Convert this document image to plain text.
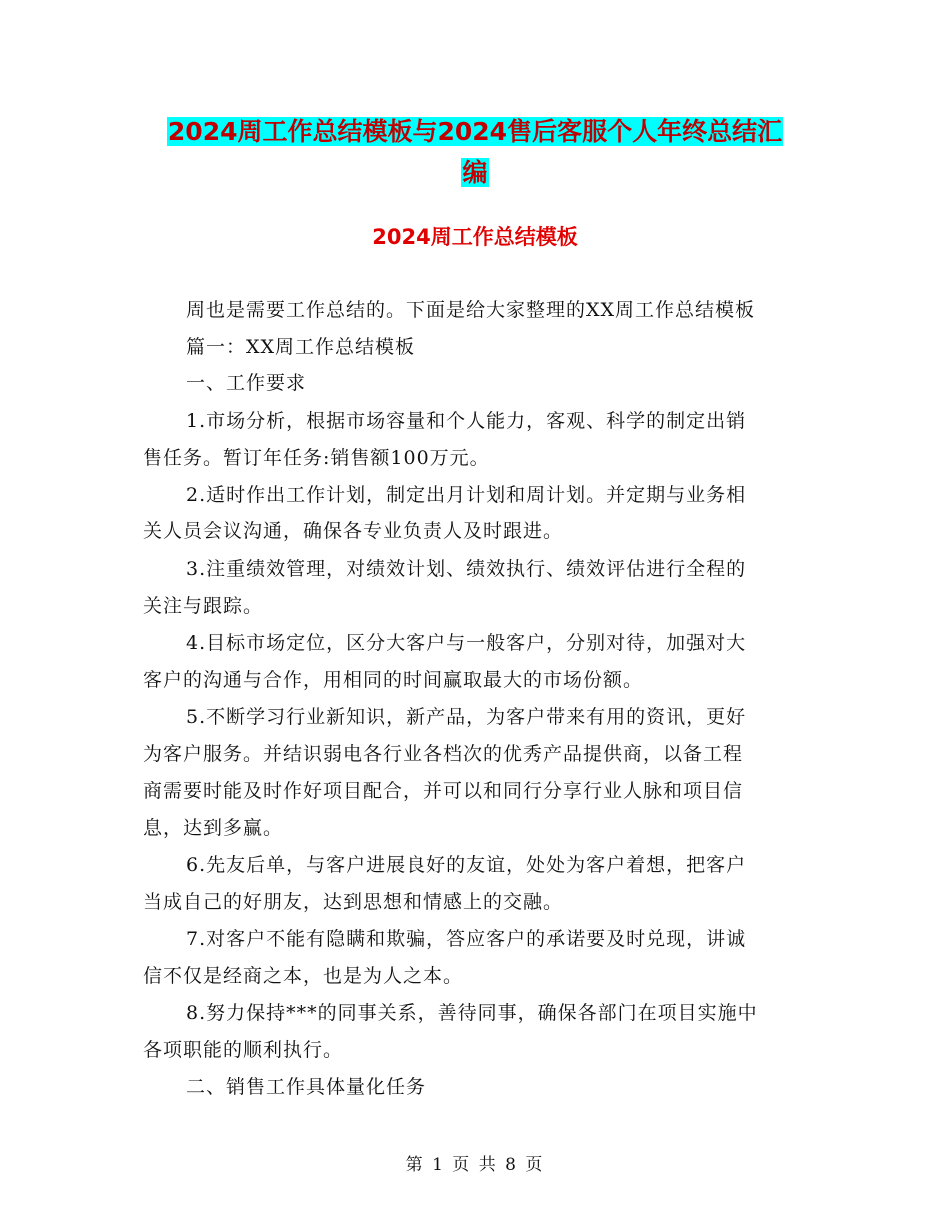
2024周工作总结模板与2024售后客服个人年终总结汇
编
2024周工作总结模板
周也是需要工作总结的。下面是给大家整理的XX周工作总结模板
篇一：XX周工作总结模板
一、工作要求
1.市场分析，根据市场容量和个人能力，客观、科学的制定出销
售任务。暂订年任务:销售额100万元。
2.适时作出工作计划，制定出月计划和周计划。并定期与业务相
关人员会议沟通，确保各专业负责人及时跟进。
3.注重绩效管理，对绩效计划、绩效执行、绩效评估进行全程的
关注与跟踪。
4.目标市场定位，区分大客户与一般客户，分别对待，加强对大
客户的沟通与合作，用相同的时间赢取最大的市场份额。
5.不断学习行业新知识，新产品，为客户带来有用的资讯，更好
为客户服务。并结识弱电各行业各档次的优秀产品提供商，以备工程
商需要时能及时作好项目配合，并可以和同行分享行业人脉和项目信
息，达到多赢。
6.先友后单，与客户进展良好的友谊，处处为客户着想，把客户
当成自己的好朋友，达到思想和情感上的交融。
7.对客户不能有隐瞒和欺骗，答应客户的承诺要及时兑现，讲诚
信不仅是经商之本，也是为人之本。
8.努力保持***的同事关系，善待同事，确保各部门在项目实施中
各项职能的顺利执行。
二、销售工作具体量化任务
第 1 页 共 8 页
